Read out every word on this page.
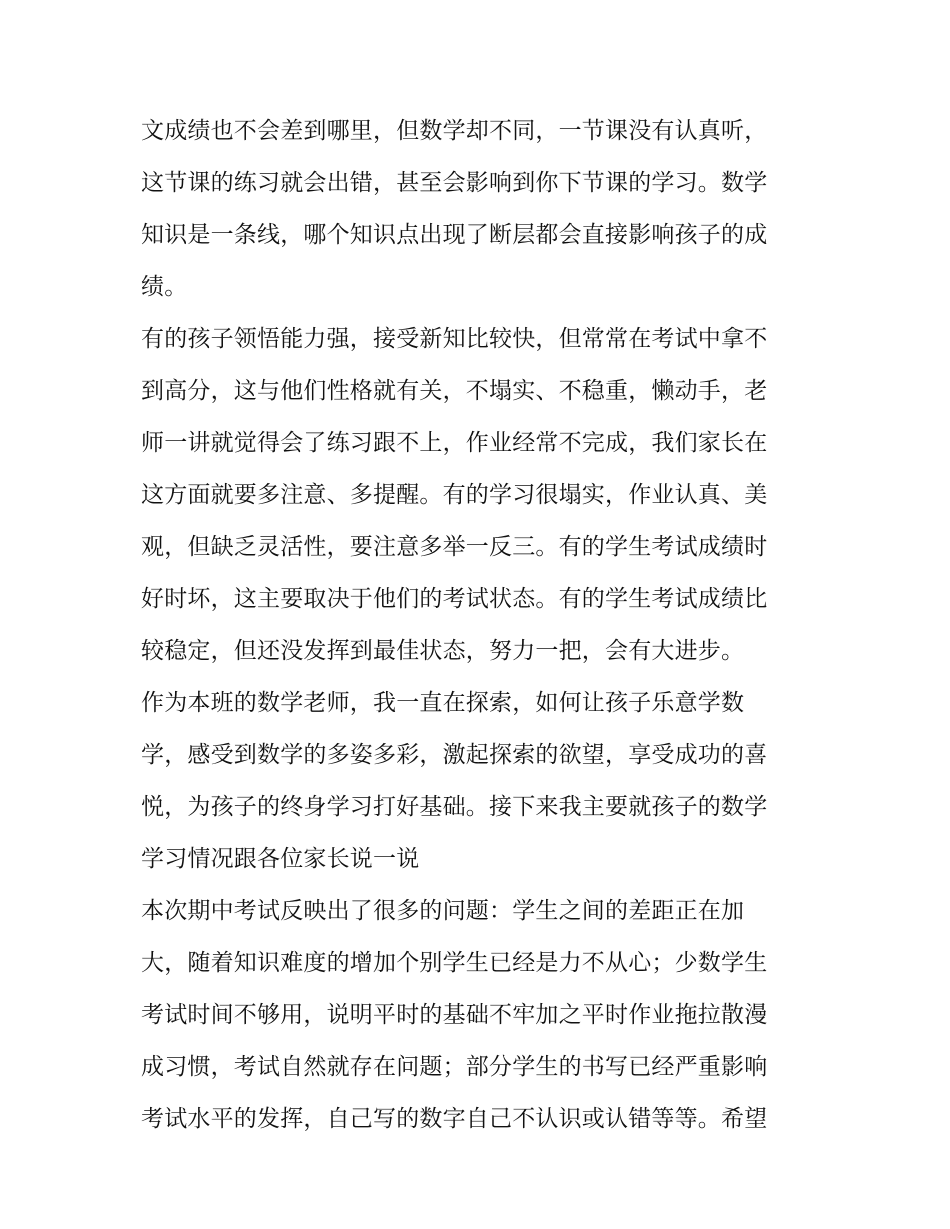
文成绩也不会差到哪里，但数学却不同，一节课没有认真听，
这节课的练习就会出错，甚至会影响到你下节课的学习。数学
知识是一条线，哪个知识点出现了断层都会直接影响孩子的成
绩。
有的孩子领悟能力强，接受新知比较快，但常常在考试中拿不
到高分，这与他们性格就有关，不塌实、不稳重，懒动手，老
师一讲就觉得会了练习跟不上，作业经常不完成，我们家长在
这方面就要多注意、多提醒。有的学习很塌实，作业认真、美
观，但缺乏灵活性，要注意多举一反三。有的学生考试成绩时
好时坏，这主要取决于他们的考试状态。有的学生考试成绩比
较稳定，但还没发挥到最佳状态，努力一把，会有大进步。
作为本班的数学老师，我一直在探索，如何让孩子乐意学数
学，感受到数学的多姿多彩，激起探索的欲望，享受成功的喜
悦，为孩子的终身学习打好基础。接下来我主要就孩子的数学
学习情况跟各位家长说一说
本次期中考试反映出了很多的问题：学生之间的差距正在加
大，随着知识难度的增加个别学生已经是力不从心；少数学生
考试时间不够用，说明平时的基础不牢加之平时作业拖拉散漫
成习惯，考试自然就存在问题；部分学生的书写已经严重影响
考试水平的发挥，自己写的数字自己不认识或认错等等。希望
